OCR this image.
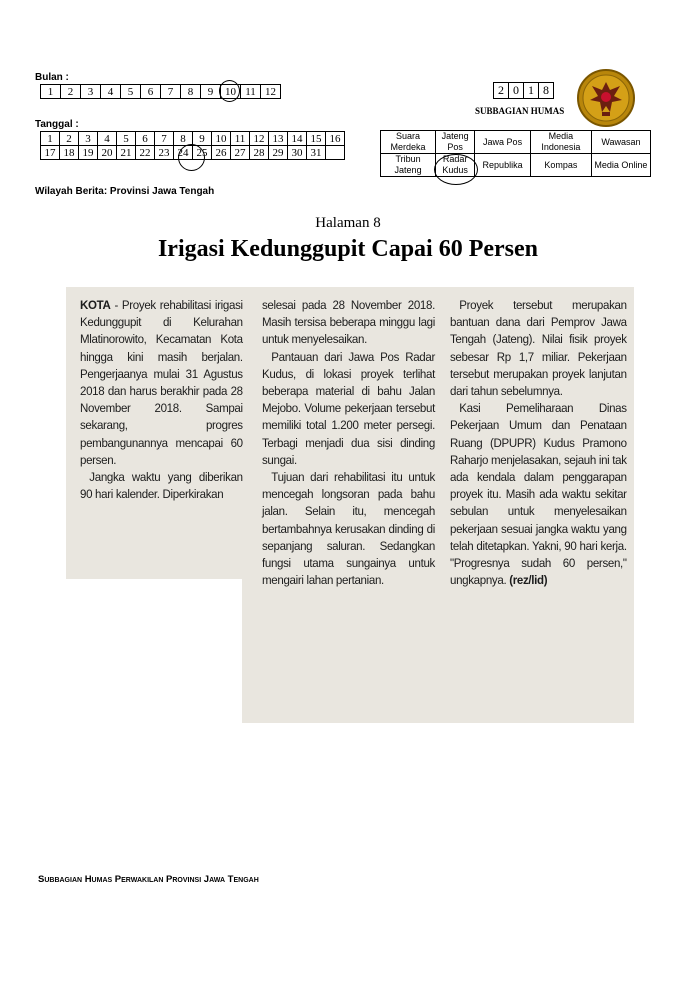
Bulan :
1	2	3	4	5	6	7	8	9	10	11	12
Tanggal :
1	2	3	4	5	6	7	8	9	10	11	12	13	14	15	16
17	18	19	20	21	22	23	24	25	26	27	28	29	30	31	
Wilayah Berita: Provinsi Jawa Tengah
2	0	1	8
SUBBAGIAN HUMAS
Suara Merdeka	Jateng Pos	Jawa Pos	Media Indonesia	Wawasan
Tribun Jateng	Radar Kudus	Republika	Kompas	Media Online
Halaman 8
Irigasi Kedunggupit Capai 60 Persen

KOTA - Proyek rehabilitasi irigasi Kedunggupit di Kelurahan Mlatinorowito, Kecamatan Kota hingga kini masih berjalan. Pengerjaanya mulai 31 Agustus 2018 dan harus berakhir pada 28 November 2018. Sampai sekarang, progres pembangunannya mencapai 60 persen.

Jangka waktu yang diberikan 90 hari kalender. Diperkirakan

selesai pada 28 November 2018. Masih tersisa beberapa minggu lagi untuk menyelesaikan.

Pantauan dari Jawa Pos Radar Kudus, di lokasi proyek terlihat beberapa material di bahu Jalan Mejobo. Volume pekerjaan tersebut memiliki total 1.200 meter persegi. Terbagi menjadi dua sisi dinding sungai.

Tujuan dari rehabilitasi itu untuk mencegah longsoran pada bahu jalan. Selain itu, mencegah bertambahnya kerusakan dinding di sepanjang saluran. Sedangkan fungsi utama sungainya untuk mengairi lahan pertanian.

Proyek tersebut merupakan bantuan dana dari Pemprov Jawa Tengah (Jateng). Nilai fisik proyek sebesar Rp 1,7 miliar. Pekerjaan tersebut merupakan proyek lanjutan dari tahun sebelumnya.

Kasi Pemeliharaan Dinas Pekerjaan Umum dan Penataan Ruang (DPUPR) Kudus Pramono Raharjo menjelasakan, sejauh ini tak ada kendala dalam penggarapan proyek itu. Masih ada waktu sekitar sebulan untuk menyelesaikan pekerjaan sesuai jangka waktu yang telah ditetapkan. Yakni, 90 hari kerja. "Progresnya sudah 60 persen," ungkapnya. (rez/lid)

Subbagian Humas Perwakilan Provinsi Jawa Tengah
